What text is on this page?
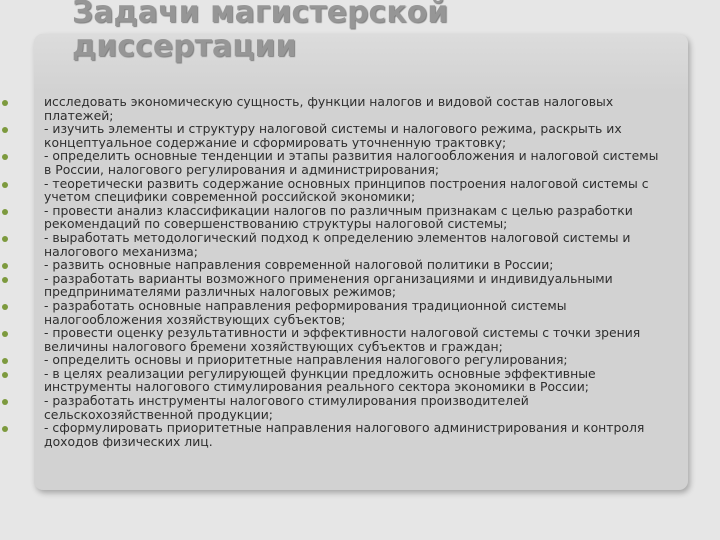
Задачи магистерской
диссертации
исследовать экономическую сущность, функции налогов и видовой состав налоговых
платежей;
- изучить элементы и структуру налоговой системы и налогового режима, раскрыть их
концептуальное содержание и сформировать уточненную трактовку;
- определить основные тенденции и этапы развития налогообложения и налоговой системы
в России, налогового регулирования и администрирования;
- теоретически развить содержание основных принципов построения налоговой системы с
учетом специфики современной российской экономики;
- провести анализ классификации налогов по различным признакам с целью разработки
рекомендаций по совершенствованию структуры налоговой системы;
- выработать методологический подход к определению элементов налоговой системы и
налогового механизма;
- развить основные направления современной налоговой политики в России;
- разработать варианты возможного применения организациями и индивидуальными
предпринимателями различных налоговых режимов;
- разработать основные направления реформирования традиционной системы
налогообложения хозяйствующих субъектов;
- провести оценку результативности и эффективности налоговой системы с точки зрения
величины налогового бремени хозяйствующих субъектов и граждан;
- определить основы и приоритетные направления налогового регулирования;
- в целях реализации регулирующей функции предложить основные эффективные
инструменты налогового стимулирования реального сектора экономики в России;
- разработать инструменты налогового стимулирования производителей
сельскохозяйственной продукции;
- сформулировать приоритетные направления налогового администрирования и контроля
доходов физических лиц.
